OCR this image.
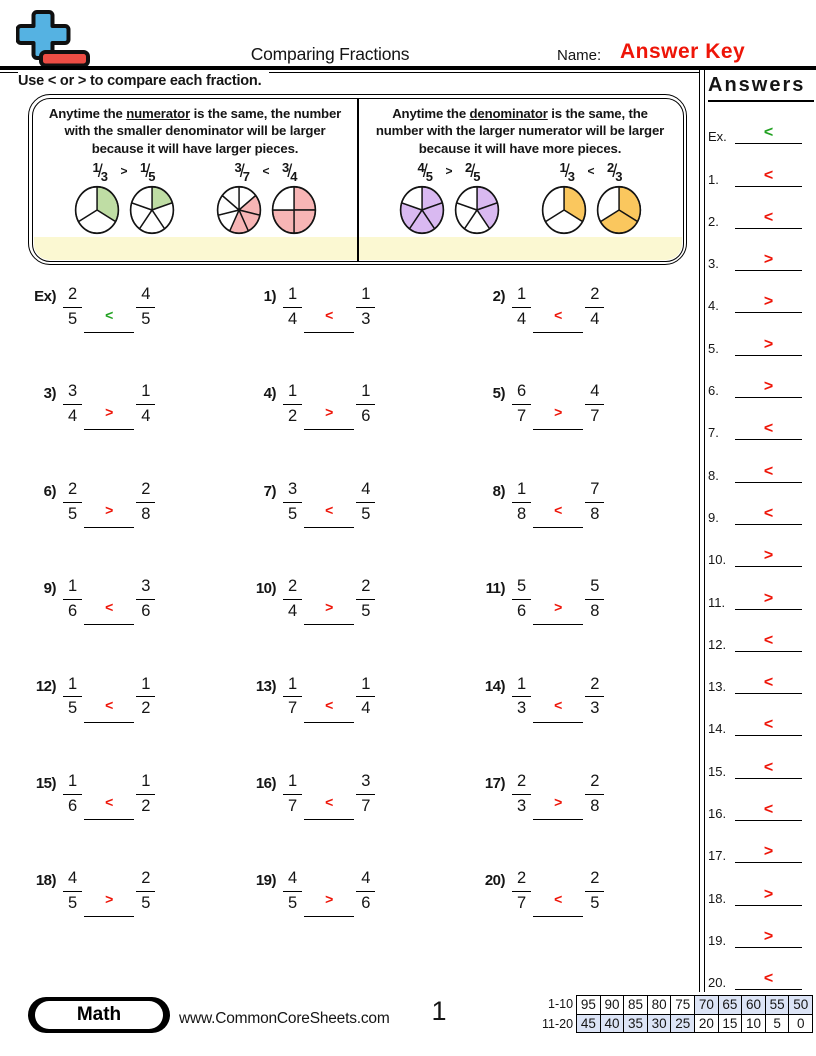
Comparing Fractions	Name: Answer Key
Use < or > to compare each fraction.

Anytime the numerator is the same, the number with the smaller denominator will be larger because it will have larger pieces.

$^1/_3 > ^1/_5$
$^3/_7 < ^3/_4$

Anytime the denominator is the same, the number with the larger numerator will be larger because it will have more pieces.

$^4/_5 > ^2/_5$
$^1/_3 < ^2/_3$
$Ex) \frac{2}{5} < \frac{4}{5}$	$1) \frac{1}{4} < \frac{1}{3}$	$2) \frac{1}{4} < \frac{2}{4}$
$3) \frac{3}{4} > \frac{1}{4}$	$4) \frac{1}{2} > \frac{1}{6}$	$5) \frac{6}{7} > \frac{4}{7}$
$6) \frac{2}{5} > \frac{2}{8}$	$7) \frac{3}{5} < \frac{4}{5}$	$8) \frac{1}{8} < \frac{7}{8}$
$9) \frac{1}{6} < \frac{3}{6}$	$10) \frac{2}{4} > \frac{2}{5}$	$11) \frac{5}{6} > \frac{5}{8}$
$12) \frac{1}{5} < \frac{1}{2}$	$13) \frac{1}{7} < \frac{1}{4}$	$14) \frac{1}{3} < \frac{2}{3}$
$15) \frac{1}{6} < \frac{1}{2}$	$16) \frac{1}{7} < \frac{3}{7}$	$17) \frac{2}{3} > \frac{2}{8}$
$18) \frac{4}{5} > \frac{2}{5}$	$19) \frac{4}{5} > \frac{4}{6}$	$20) \frac{2}{7} < \frac{2}{5}$
Answers
Ex.	<
1.	<
2.	<
3.	>
4.	>
5.	>
6.	>
7.	<
8.	<
9.	<
10.	>
11.	>
12.	<
13.	<
14.	<
15.	<
16.	<
17.	>
18.	>
19.	>
20.	<
Math	www.CommonCoreSheets.com	1	1-10 95 90 85 80 75 70 65 60 55 50
11-20 45 40 35 30 25 20 15 10 5	0
